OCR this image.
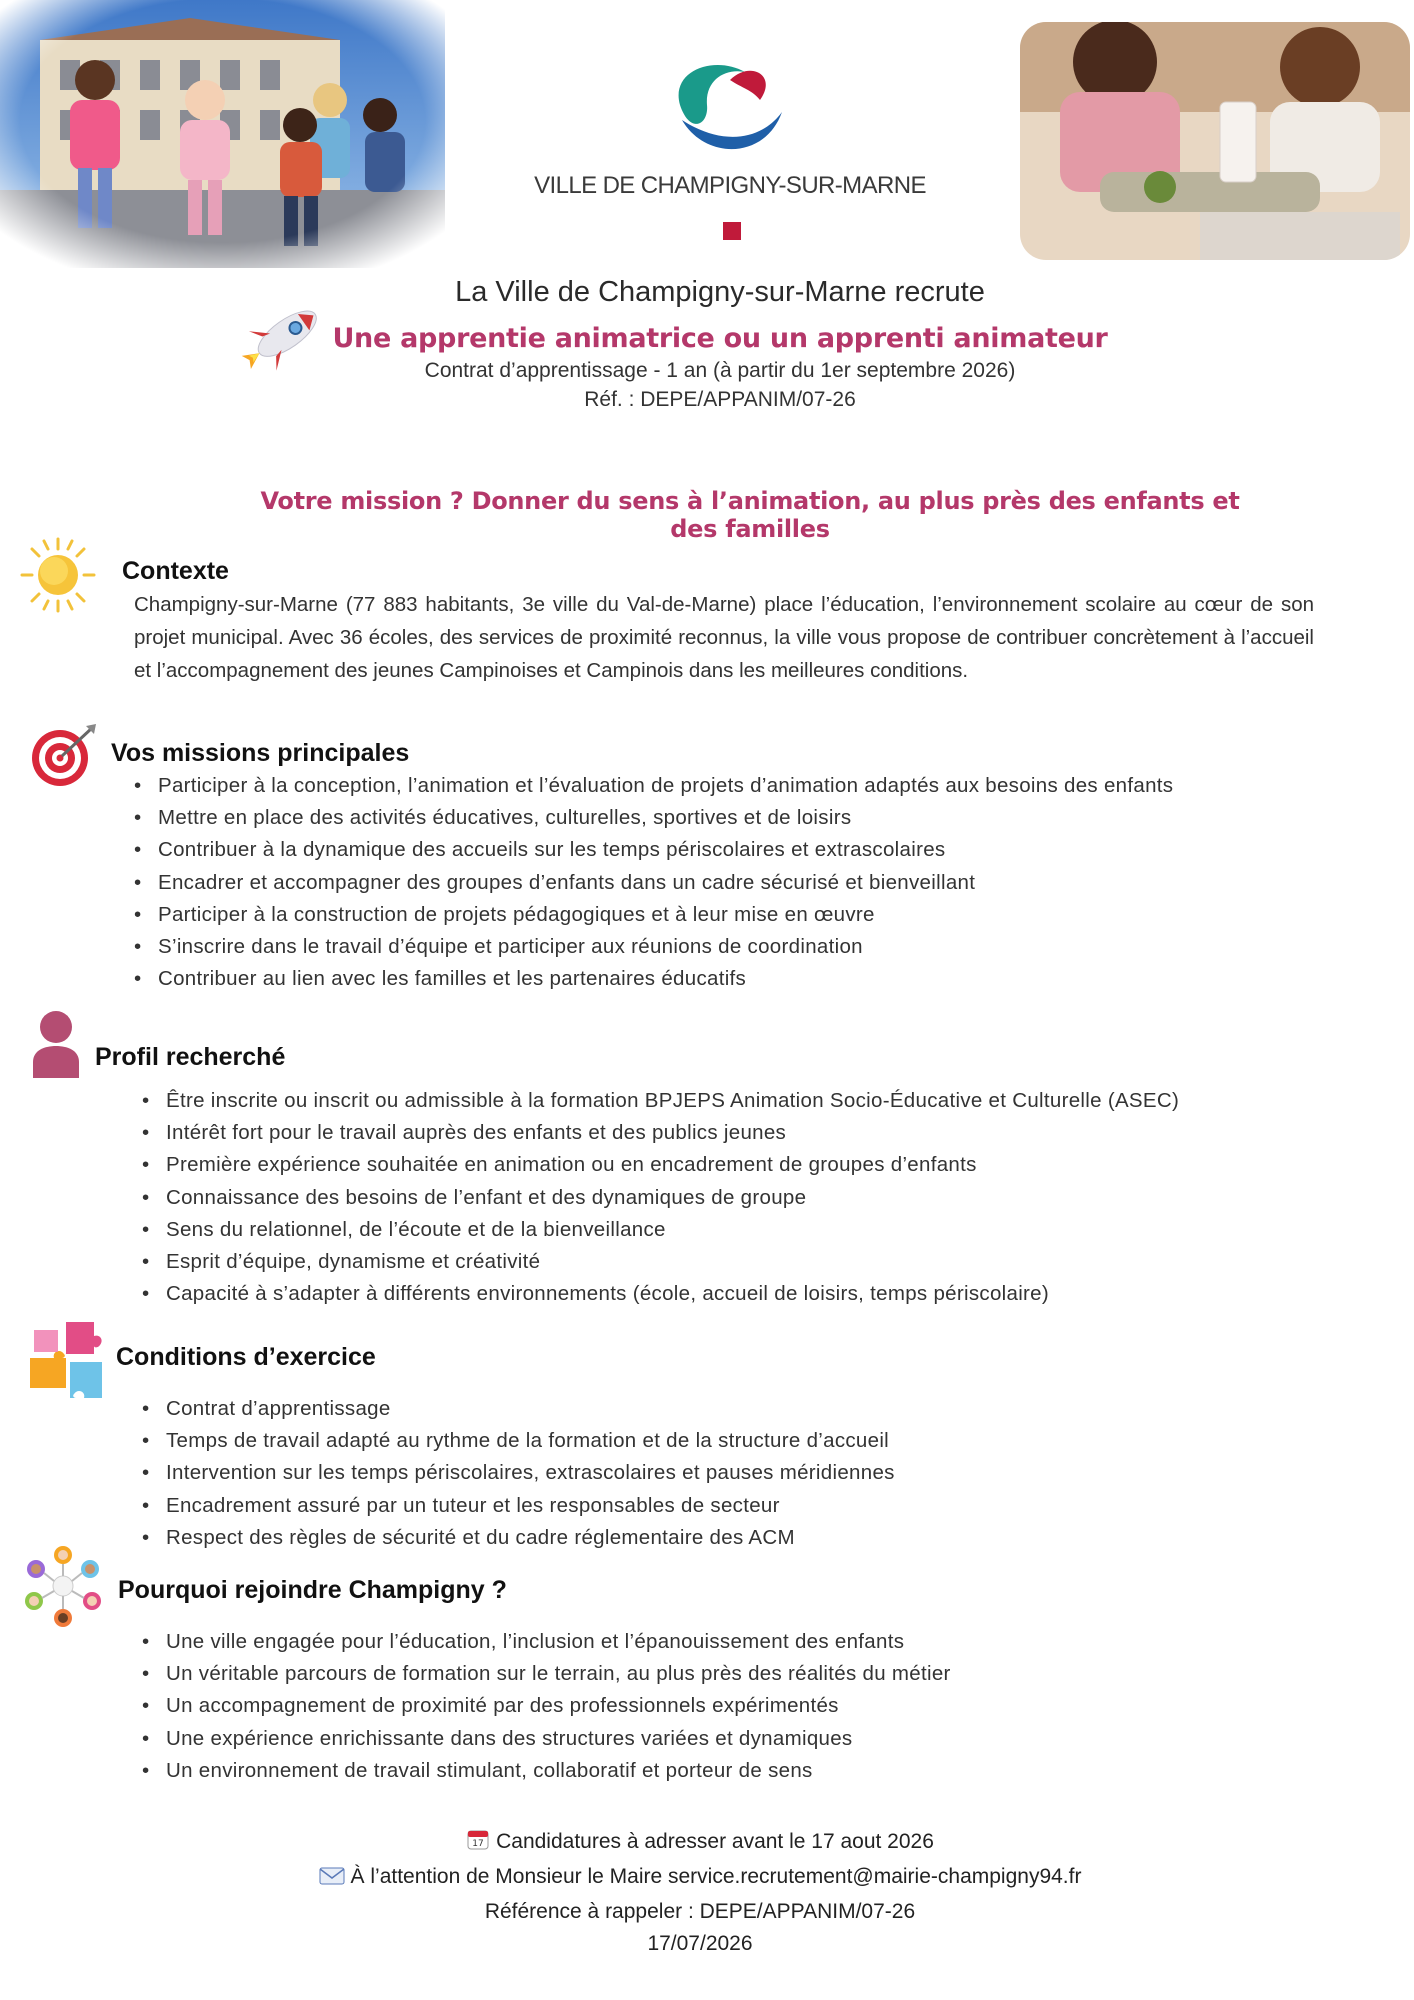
VILLE DE CHAMPIGNY-SUR-MARNE
La Ville de Champigny-sur-Marne recrute
Une apprentie animatrice ou un apprenti animateur
Contrat d’apprentissage - 1 an (à partir du 1er septembre 2026)
Réf. : DEPE/APPANIM/07-26
Votre mission ? Donner du sens à l’animation, au plus près des enfants et des familles
Contexte
Champigny-sur-Marne (77 883 habitants, 3e ville du Val-de-Marne) place l’éducation, l’environnement scolaire au cœur de son projet municipal. Avec 36 écoles, des services de proximité reconnus, la ville vous propose de contribuer concrètement à l’accueil et l’accompagnement des jeunes Campinoises et Campinois dans les meilleures conditions.
Vos missions principales
• Participer à la conception, l’animation et l’évaluation de projets d’animation adaptés aux besoins des enfants
• Mettre en place des activités éducatives, culturelles, sportives et de loisirs
• Contribuer à la dynamique des accueils sur les temps périscolaires et extrascolaires
• Encadrer et accompagner des groupes d’enfants dans un cadre sécurisé et bienveillant
• Participer à la construction de projets pédagogiques et à leur mise en œuvre
• S’inscrire dans le travail d’équipe et participer aux réunions de coordination
• Contribuer au lien avec les familles et les partenaires éducatifs
Profil recherché
• Être inscrite ou inscrit ou admissible à la formation BPJEPS Animation Socio-Éducative et Culturelle (ASEC)
• Intérêt fort pour le travail auprès des enfants et des publics jeunes
• Première expérience souhaitée en animation ou en encadrement de groupes d’enfants
• Connaissance des besoins de l’enfant et des dynamiques de groupe
• Sens du relationnel, de l’écoute et de la bienveillance
• Esprit d’équipe, dynamisme et créativité
• Capacité à s’adapter à différents environnements (école, accueil de loisirs, temps périscolaire)
Conditions d’exercice
• Contrat d’apprentissage
• Temps de travail adapté au rythme de la formation et de la structure d’accueil
• Intervention sur les temps périscolaires, extrascolaires et pauses méridiennes
• Encadrement assuré par un tuteur et les responsables de secteur
• Respect des règles de sécurité et du cadre réglementaire des ACM
Pourquoi rejoindre Champigny ?
• Une ville engagée pour l’éducation, l’inclusion et l’épanouissement des enfants
• Un véritable parcours de formation sur le terrain, au plus près des réalités du métier
• Un accompagnement de proximité par des professionnels expérimentés
• Une expérience enrichissante dans des structures variées et dynamiques
• Un environnement de travail stimulant, collaboratif et porteur de sens
17 Candidatures à adresser avant le 17 aout 2026
À l’attention de Monsieur le Maire service.recrutement@mairie-champigny94.fr
Référence à rappeler : DEPE/APPANIM/07-26
17/07/2026
